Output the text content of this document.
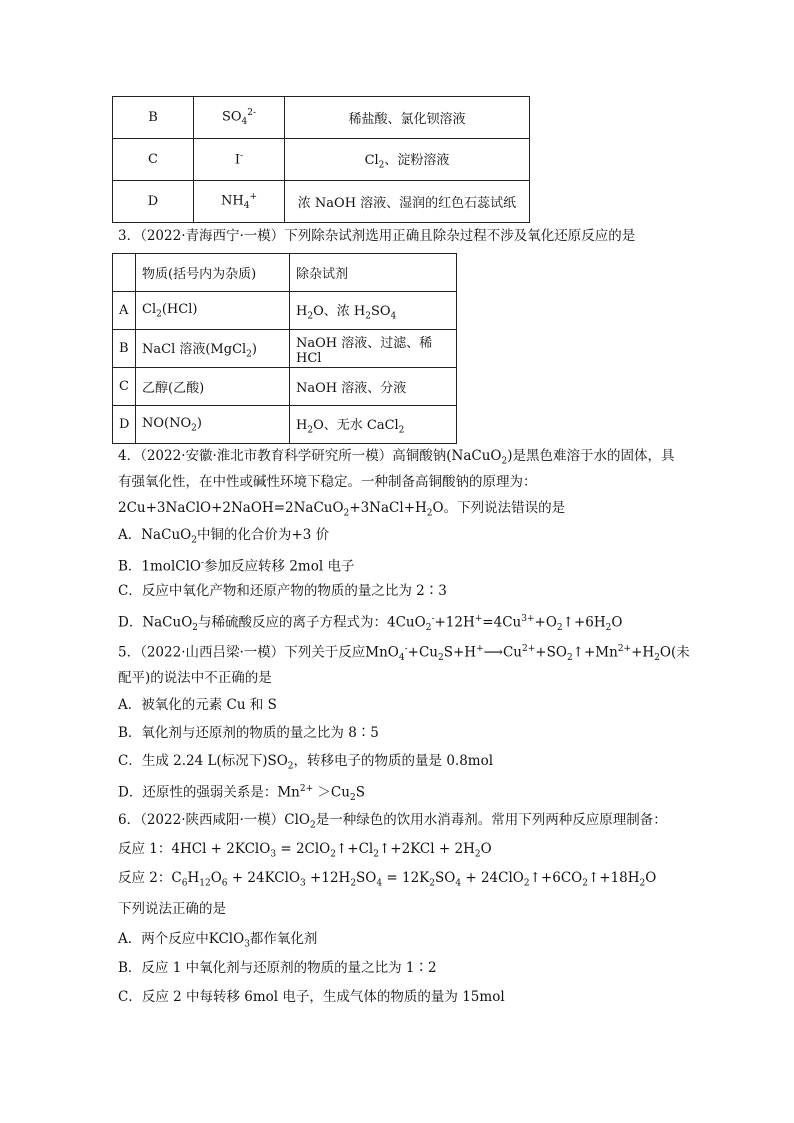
B	$SO_4^{2-}$	稀盐酸、氯化钡溶液
C	I-	$Cl_2$、淀粉溶液
D	$NH_4^+$	浓 NaOH 溶液、湿润的红色石蕊试纸
3．（2022·青海西宁·一模）下列除杂试剂选用正确且除杂过程不涉及氧化还原反应的是
	物质(括号内为杂质)	除杂试剂
A	$Cl_2(HCl)$	$H_2O$、浓 $H_2SO_4$
B	NaCl 溶液(MgCl$_2$)	NaOH 溶液、过滤、稀 HCl
C	乙醇(乙酸)	NaOH 溶液、分液
D	$NO(NO_2)$	$H_2O$、无水 CaCl$_2$
4．（2022·安徽·淮北市教育科学研究所一模）高铜酸钠(NaCuO$_2$)是黑色难溶于水的固体，具
有强氧化性，在中性或碱性环境下稳定。一种制备高铜酸钠的原理为：
$2Cu+3NaClO+2NaOH=2NaCuO_2+3NaCl+H_2O$。下列说法错误的是
A．NaCuO$_2$中铜的化合价为+3 价
B．1molClO-参加反应转移 2mol 电子
C．反应中氧化产物和还原产物的物质的量之比为 2∶3
D．NaCuO$_2$与稀硫酸反应的离子方程式为：$4CuO_2^-+12H^+=4Cu^{3+}+O_2↑+6H_2O$
5．（2022·山西吕梁·一模）下列关于反应$MnO_4^-+Cu_2S+H^+⟶Cu^{2+}+SO_2↑+Mn^{2+}+H_2O$(未
配平)的说法中不正确的是
A．被氧化的元素 Cu 和 S
B．氧化剂与还原剂的物质的量之比为 8∶5
C．生成 2.24 L(标况下)$SO_2$，转移电子的物质的量是 0.8mol
D．还原性的强弱关系是：$Mn^{2+} >Cu_2S$
6．（2022·陕西咸阳·一模）ClO$_2$是一种绿色的饮用水消毒剂。常用下列两种反应原理制备：
反应 1：4HCl + 2KClO$_3$ = $2ClO_2↑+Cl_2↑+2KCl + 2H_2O$
反应 2：$C_6H_{12}O_6$ + 24KClO$_3$ $+12H_2SO_4 = 12K_2SO_4$ + $24ClO_2↑+6CO_2↑+18H_2O$
下列说法正确的是
A．两个反应中KClO$_3$都作氧化剂
B．反应 1 中氧化剂与还原剂的物质的量之比为 1∶2
C．反应 2 中每转移 6mol 电子，生成气体的物质的量为 15mol
